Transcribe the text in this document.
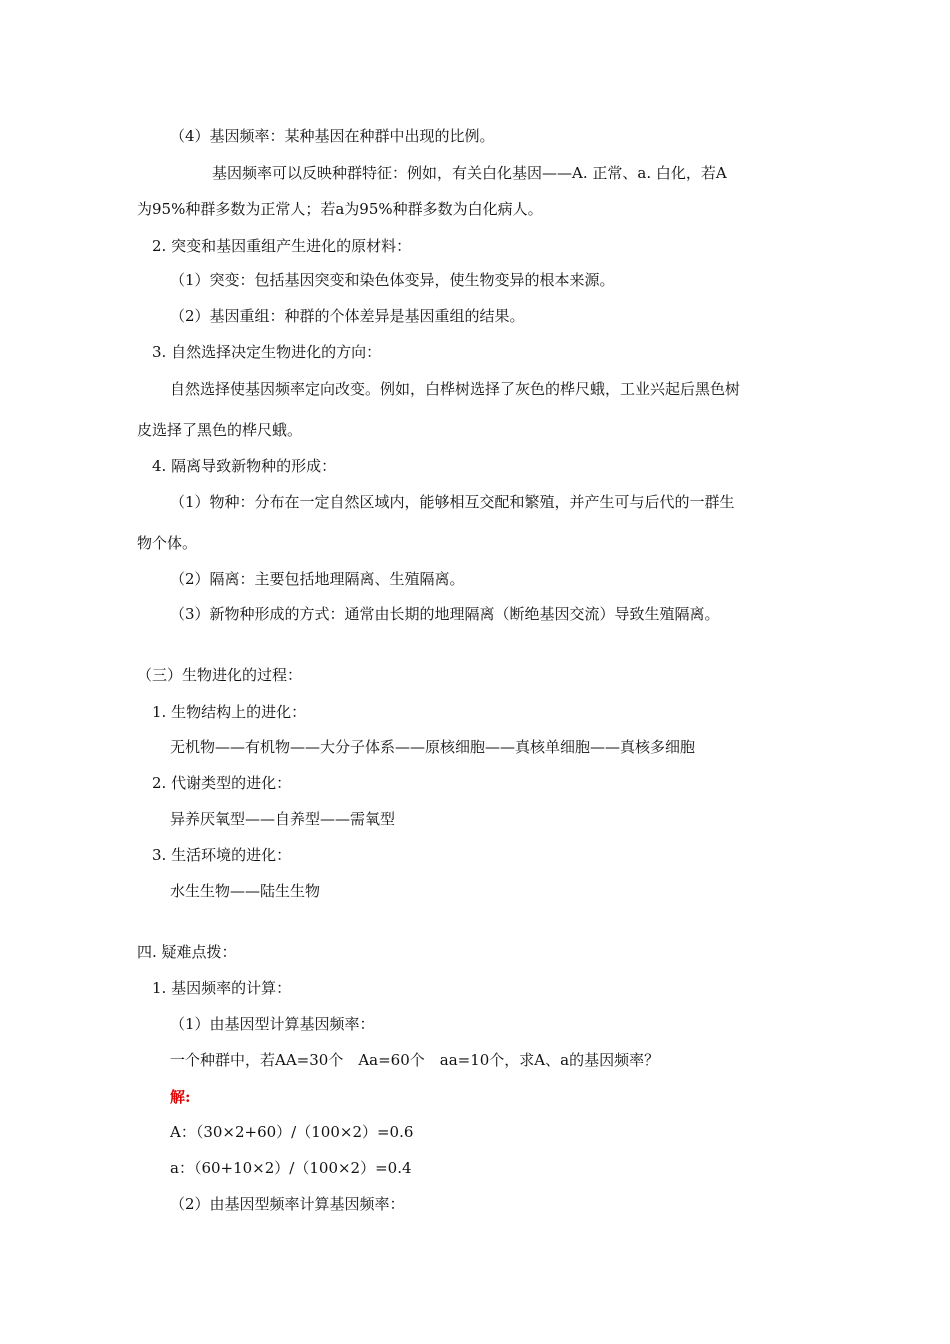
（4）基因频率：某种基因在种群中出现的比例。
基因频率可以反映种群特征：例如，有关白化基因——A. 正常、a. 白化，若A
为95%种群多数为正常人；若a为95%种群多数为白化病人。
2. 突变和基因重组产生进化的原材料：
（1）突变：包括基因突变和染色体变异，使生物变异的根本来源。
（2）基因重组：种群的个体差异是基因重组的结果。
3. 自然选择决定生物进化的方向：
自然选择使基因频率定向改变。例如，白桦树选择了灰色的桦尺蛾，工业兴起后黑色树
皮选择了黑色的桦尺蛾。
4. 隔离导致新物种的形成：
（1）物种：分布在一定自然区域内，能够相互交配和繁殖，并产生可与后代的一群生
物个体。
（2）隔离：主要包括地理隔离、生殖隔离。
（3）新物种形成的方式：通常由长期的地理隔离（断绝基因交流）导致生殖隔离。
（三）生物进化的过程：
1. 生物结构上的进化：
无机物——有机物——大分子体系——原核细胞——真核单细胞——真核多细胞
2. 代谢类型的进化：
异养厌氧型——自养型——需氧型
3. 生活环境的进化：
水生生物——陆生生物
四. 疑难点拨：
1. 基因频率的计算：
（1）由基因型计算基因频率：
一个种群中，若AA=30个　Aa=60个　aa=10个，求A、a的基因频率？
解:
A：（30×2+60）/（100×2）=0.6
a：（60+10×2）/（100×2）=0.4
（2）由基因型频率计算基因频率：
